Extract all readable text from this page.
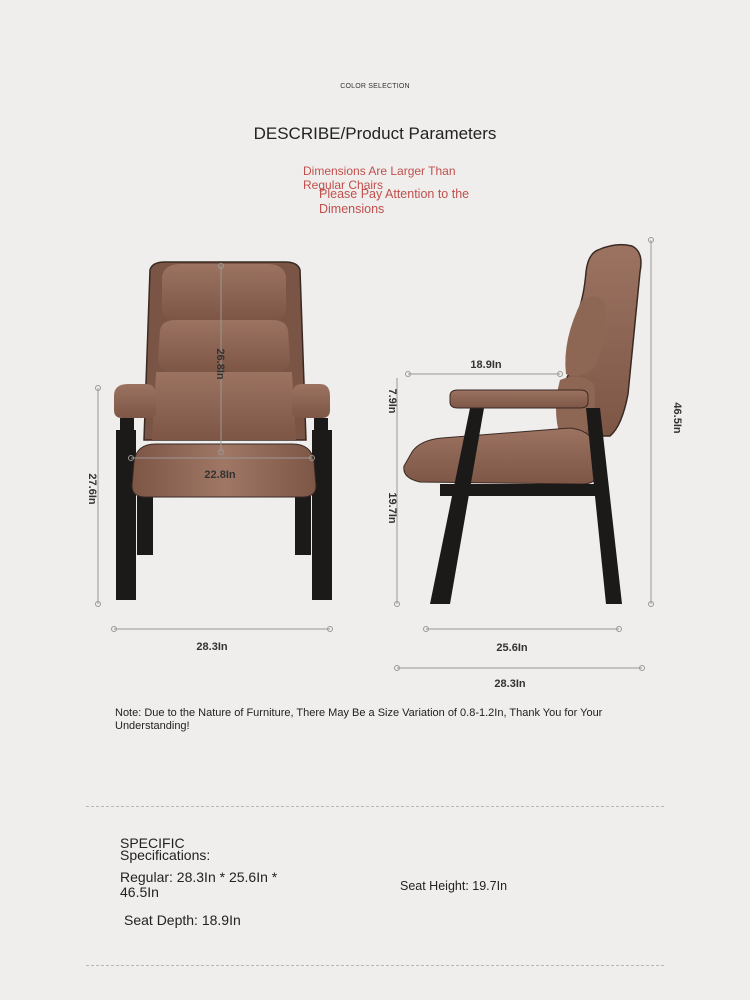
COLOR SELECTION
DESCRIBE/Product Parameters
Dimensions Are Larger Than Regular Chairs
Please Pay Attention to the Dimensions
26.8In
22.8In
27.6In
28.3In
18.9In
7.9In
19.7In
46.5In
25.6In
28.3In
Note: Due to the Nature of Furniture, There May Be a Size Variation of 0.8-1.2In, Thank You for Your Understanding!
SPECIFIC
Specifications:
Regular: 28.3In * 25.6In * 46.5In	Seat Height: 19.7In
Seat Depth: 18.9In
